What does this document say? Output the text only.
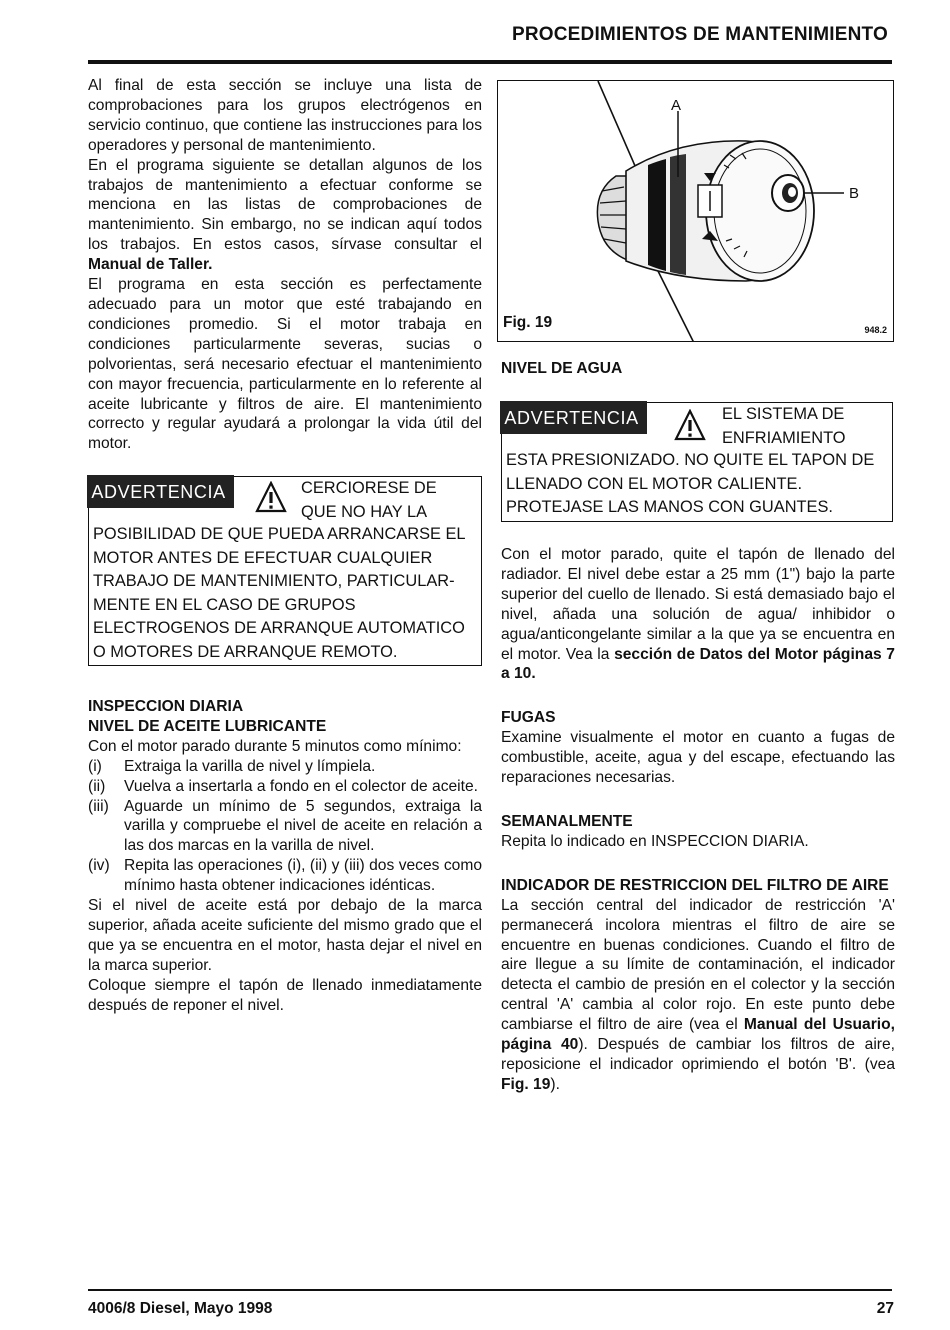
PROCEDIMIENTOS DE MANTENIMIENTO

Al final de esta sección se incluye una lista de comprobaciones para los grupos electrógenos en servicio continuo, que contiene las instrucciones para los operadores y personal de mantenimiento.

En el programa siguiente se detallan algunos de los trabajos de mantenimiento a efectuar conforme se menciona en las listas de comprobaciones de mantenimiento. Sin embargo, no se indican aquí todos los trabajos. En estos casos, sírvase consultar el Manual de Taller.

El programa en esta sección es perfectamente adecuado para un motor que esté trabajando en condiciones promedio. Si el motor trabaja en condiciones particularmente severas, sucias o polvorientas, será necesario efectuar el mantenimiento con mayor frecuencia, particularmente en lo referente al aceite lubricante y filtros de aire. El mantenimiento correcto y regular ayudará a prolongar la vida útil del motor.

ADVERTENCIA	CERCIORESE DE
QUE NO HAY LA
POSIBILIDAD DE QUE PUEDA ARRANCARSE EL
MOTOR ANTES DE EFECTUAR CUALQUIER
TRABAJO DE MANTENIMIENTO, PARTICULAR-
MENTE EN EL CASO DE GRUPOS
ELECTROGENOS DE ARRANQUE AUTOMATICO
O MOTORES DE ARRANQUE REMOTO.
INSPECCION DIARIA
NIVEL DE ACEITE LUBRICANTE
Con el motor parado durante 5 minutos como mínimo:
(i)	Extraiga la varilla de nivel y límpiela.
(ii)	Vuelva a insertarla a fondo en el colector de aceite.
(iii) Aguarde un mínimo de 5 segundos, extraiga la varilla y compruebe el nivel de aceite en relación a las dos marcas en la varilla de nivel.
(iv) Repita las operaciones (i), (ii) y (iii) dos veces como mínimo hasta obtener indicaciones idénticas.

Si el nivel de aceite está por debajo de la marca superior, añada aceite suficiente del mismo grado que el que ya se encuentra en el motor, hasta dejar el nivel en la marca superior.

Coloque siempre el tapón de llenado inmediatamente después de reponer el nivel.

A
B
Fig. 19	948.2
NIVEL DE AGUA
ADVERTENCIA	EL SISTEMA DE
ENFRIAMIENTO
ESTA PRESIONIZADO. NO QUITE EL TAPON DE
LLENADO CON EL MOTOR CALIENTE.
PROTEJASE LAS MANOS CON GUANTES.

Con el motor parado, quite el tapón de llenado del radiador. El nivel debe estar a 25 mm (1") bajo la parte superior del cuello de llenado. Si está demasiado bajo el nivel, añada una solución de agua/ inhibidor o agua/anticongelante similar a la que ya se encuentra en el motor. Vea la sección de Datos del Motor páginas 7 a 10.

FUGAS

Examine visualmente el motor en cuanto a fugas de combustible, aceite, agua y del escape, efectuando las reparaciones necesarias.

SEMANALMENTE

Repita lo indicado en INSPECCION DIARIA.

INDICADOR DE RESTRICCION DEL FILTRO DE AIRE

La sección central del indicador de restricción 'A' permanecerá incolora mientras el filtro de aire se encuentre en buenas condiciones. Cuando el filtro de aire llegue a su límite de contaminación, el indicador detecta el cambio de presión en el colector y la sección central 'A' cambia al color rojo. En este punto debe cambiarse el filtro de aire (vea el Manual del Usuario, página 40). Después de cambiar los filtros de aire, reposicione el indicador oprimiendo el botón 'B'. (vea Fig. 19).

4006/8 Diesel, Mayo 1998	27
